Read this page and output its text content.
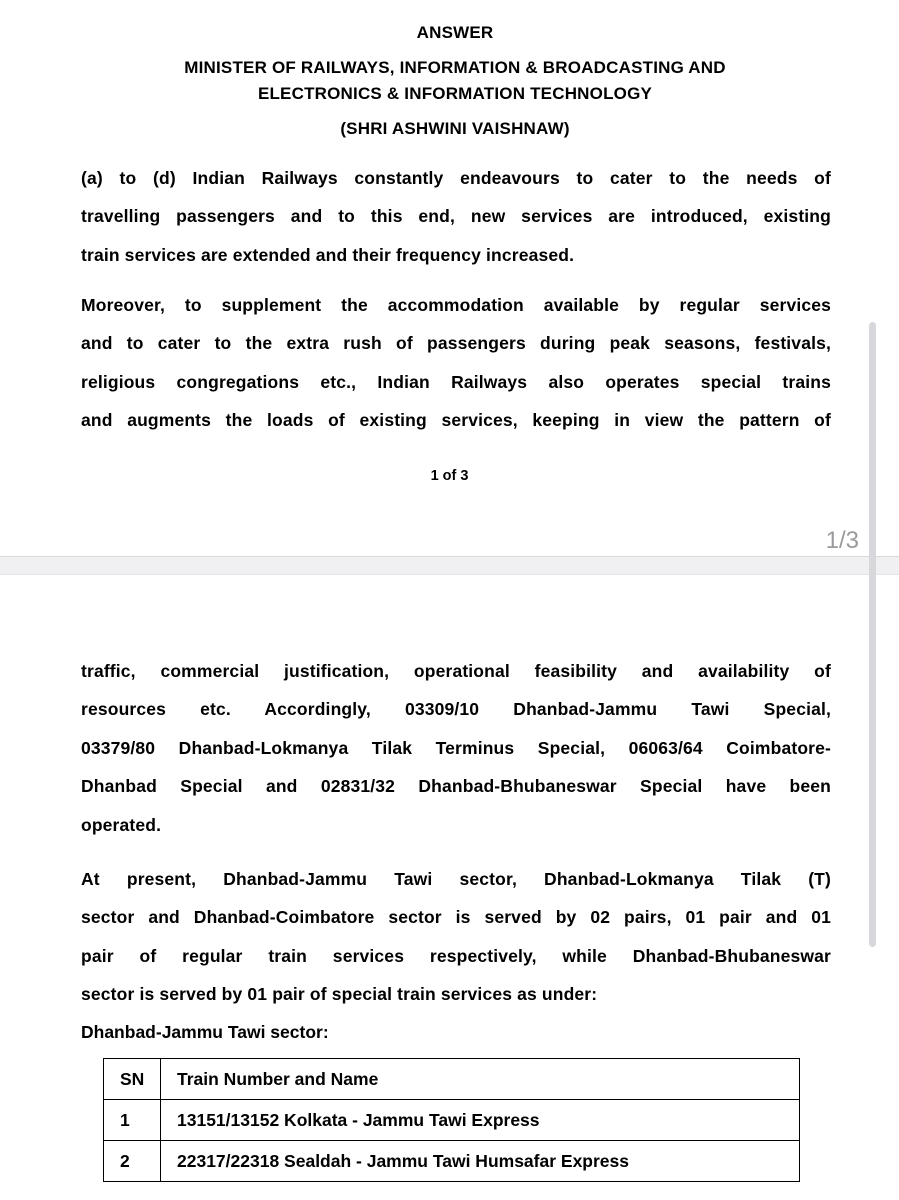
ANSWER
MINISTER OF RAILWAYS, INFORMATION & BROADCASTING AND
ELECTRONICS & INFORMATION TECHNOLOGY
(SHRI ASHWINI VAISHNAW)
(a) to (d) Indian Railways constantly endeavours to cater to the needs of
travelling passengers and to this end, new services are introduced, existing
train services are extended and their frequency increased.
Moreover, to supplement the accommodation available by regular services
and to cater to the extra rush of passengers during peak seasons, festivals,
religious congregations etc., Indian Railways also operates special trains
and augments the loads of existing services, keeping in view the pattern of
1 of 3
1/3
traffic, commercial justification, operational feasibility and availability of
resources etc. Accordingly, 03309/10 Dhanbad-Jammu Tawi Special,
03379/80 Dhanbad-Lokmanya Tilak Terminus Special, 06063/64 Coimbatore-
Dhanbad Special and 02831/32 Dhanbad-Bhubaneswar Special have been
operated.
At present, Dhanbad-Jammu Tawi sector, Dhanbad-Lokmanya Tilak (T)
sector and Dhanbad-Coimbatore sector is served by 02 pairs, 01 pair and 01
pair of regular train services respectively, while Dhanbad-Bhubaneswar
sector is served by 01 pair of special train services as under:
Dhanbad-Jammu Tawi sector:
SN	Train Number and Name
1	13151/13152 Kolkata - Jammu Tawi Express
2	22317/22318 Sealdah - Jammu Tawi Humsafar Express
